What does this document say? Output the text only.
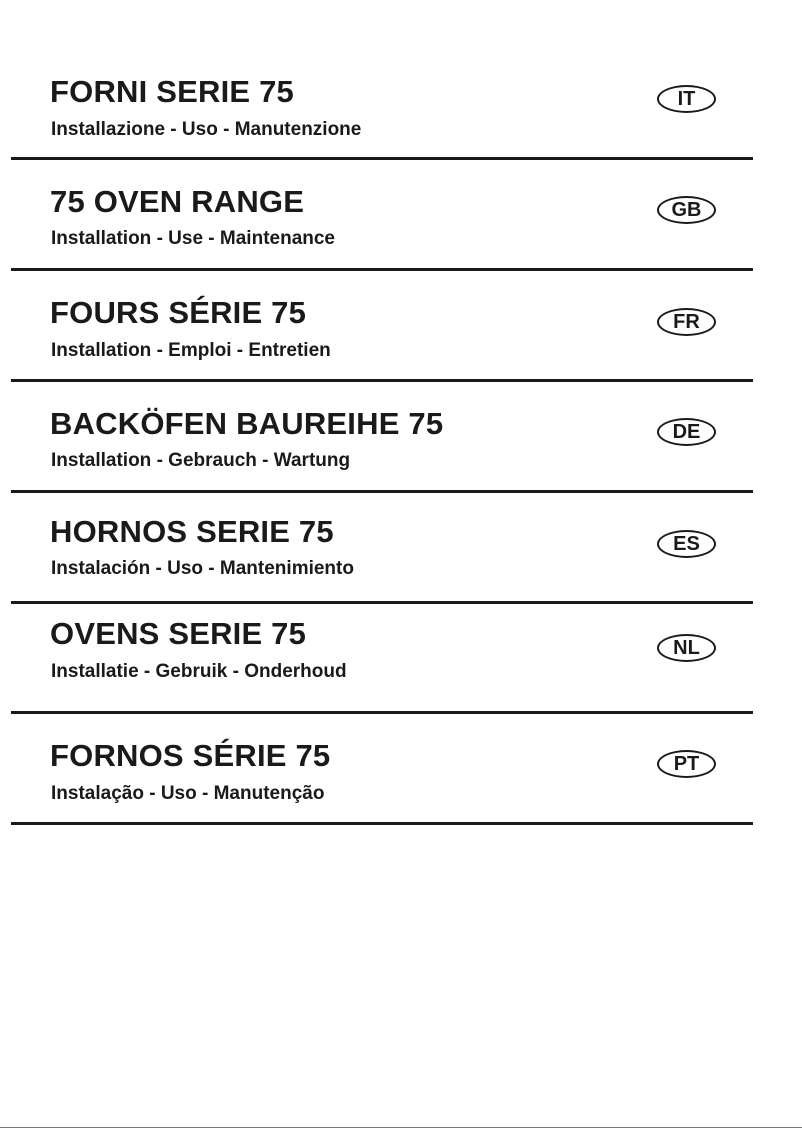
FORNI SERIE 75
Installazione - Uso - Manutenzione
IT
75 OVEN RANGE
Installation - Use - Maintenance
GB
FOURS SÉRIE 75
Installation - Emploi - Entretien
FR
BACKÖFEN BAUREIHE 75
Installation - Gebrauch - Wartung
DE
HORNOS SERIE 75
Instalación - Uso - Mantenimiento
ES
OVENS SERIE 75
Installatie - Gebruik - Onderhoud
NL
FORNOS SÉRIE 75
Instalação - Uso - Manutenção
PT
